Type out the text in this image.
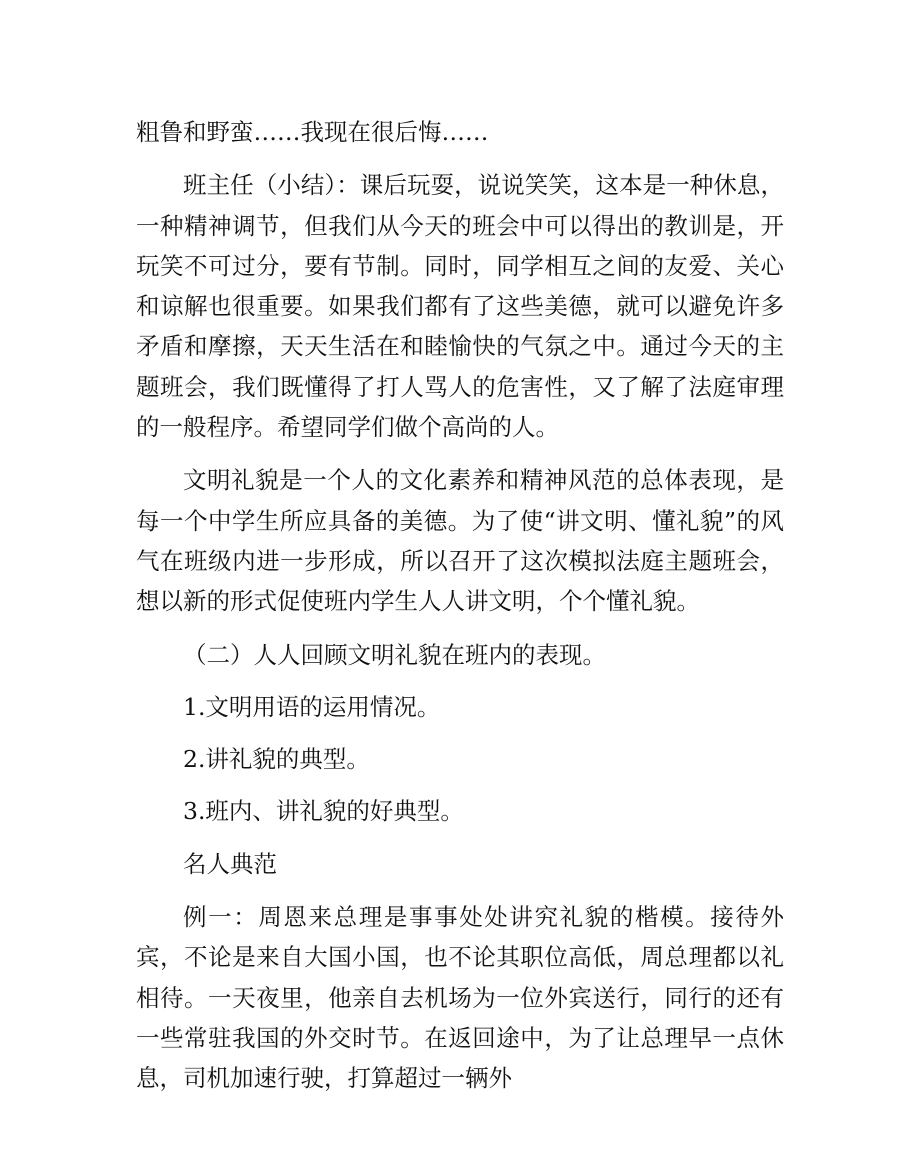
粗鲁和野蛮……我现在很后悔……

班主任（小结）：课后玩耍，说说笑笑，这本是一种休息，一种精神调节，但我们从今天的班会中可以得出的教训是，开玩笑不可过分，要有节制。同时，同学相互之间的友爱、关心和谅解也很重要。如果我们都有了这些美德，就可以避免许多矛盾和摩擦，天天生活在和睦愉快的气氛之中。通过今天的主题班会，我们既懂得了打人骂人的危害性，又了解了法庭审理的一般程序。希望同学们做个高尚的人。

文明礼貌是一个人的文化素养和精神风范的总体表现，是每一个中学生所应具备的美德。为了使“讲文明、懂礼貌”的风气在班级内进一步形成，所以召开了这次模拟法庭主题班会，想以新的形式促使班内学生人人讲文明，个个懂礼貌。

（二）人人回顾文明礼貌在班内的表现。

1.文明用语的运用情况。

2.讲礼貌的典型。

3.班内、讲礼貌的好典型。

名人典范

例一：周恩来总理是事事处处讲究礼貌的楷模。接待外宾，不论是来自大国小国，也不论其职位高低，周总理都以礼相待。一天夜里，他亲自去机场为一位外宾送行，同行的还有一些常驻我国的外交时节。在返回途中，为了让总理早一点休息，司机加速行驶，打算超过一辆外
